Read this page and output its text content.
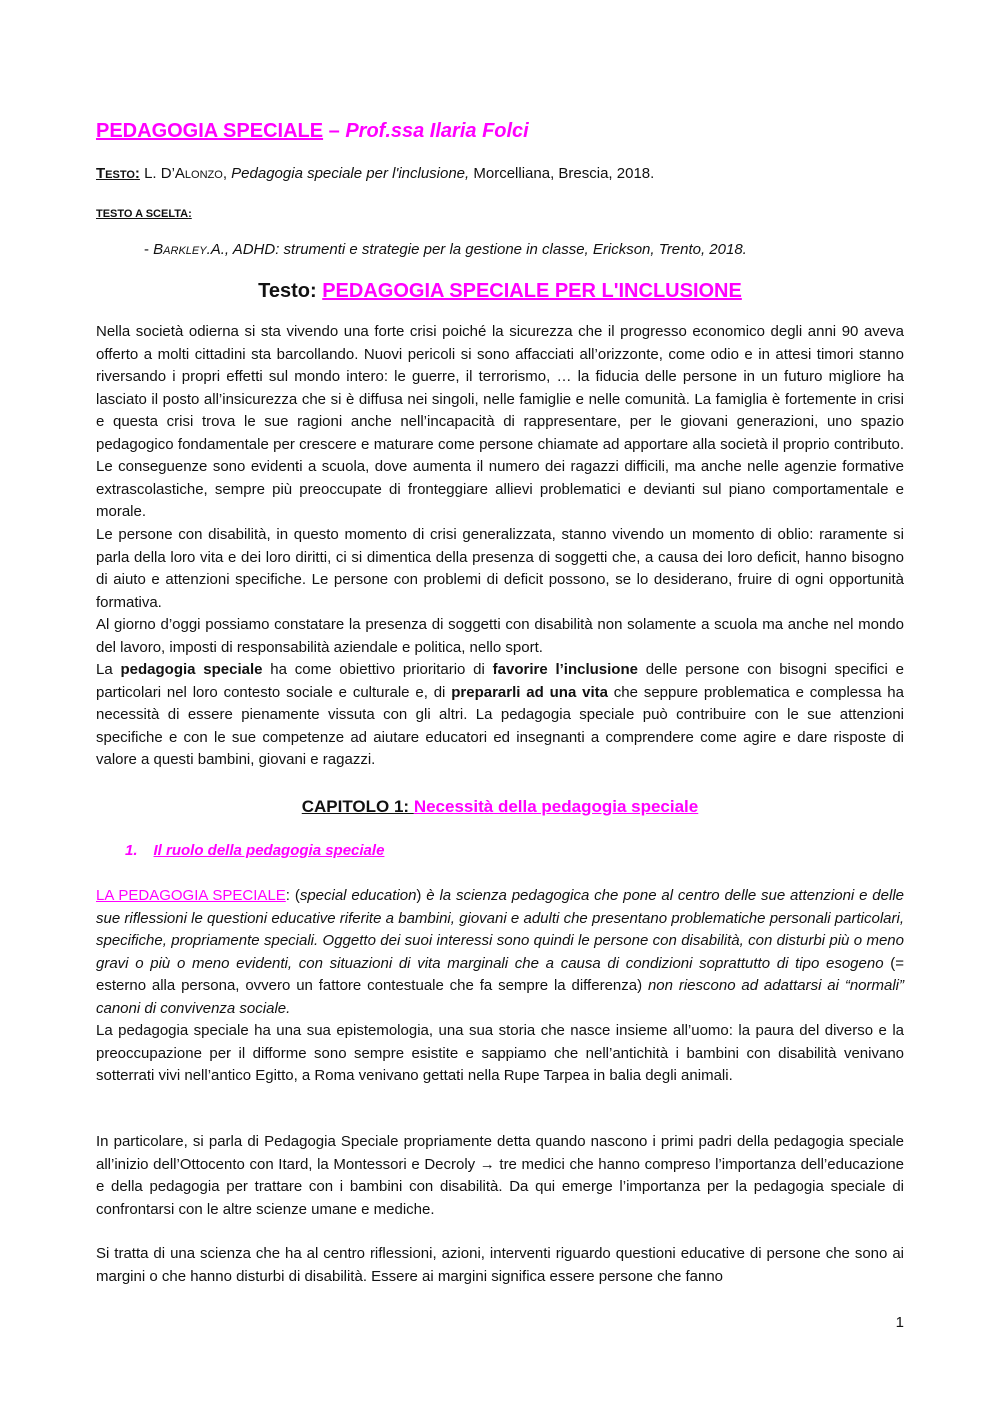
PEDAGOGIA SPECIALE – Prof.ssa Ilaria Folci
Testo: L. D’Alonzo, Pedagogia speciale per l'inclusione, Morcelliana, Brescia, 2018.
TESTO A SCELTA:
- Barkley.A., ADHD: strumenti e strategie per la gestione in classe, Erickson, Trento, 2018.
Testo: PEDAGOGIA SPECIALE PER L'INCLUSIONE

Nella società odierna si sta vivendo una forte crisi poiché la sicurezza che il progresso economico degli anni 90 aveva offerto a molti cittadini sta barcollando. Nuovi pericoli si sono affacciati all’orizzonte, come odio e in attesi timori stanno riversando i propri effetti sul mondo intero: le guerre, il terrorismo, … la fiducia delle persone in un futuro migliore ha lasciato il posto all’insicurezza che si è diffusa nei singoli, nelle famiglie e nelle comunità. La famiglia è fortemente in crisi e questa crisi trova le sue ragioni anche nell’incapacità di rappresentare, per le giovani generazioni, uno spazio pedagogico fondamentale per crescere e maturare come persone chiamate ad apportare alla società il proprio contributo. Le conseguenze sono evidenti a scuola, dove aumenta il numero dei ragazzi difficili, ma anche nelle agenzie formative extrascolastiche, sempre più preoccupate di fronteggiare allievi problematici e devianti sul piano comportamentale e morale.

Le persone con disabilità, in questo momento di crisi generalizzata, stanno vivendo un momento di oblio: raramente si parla della loro vita e dei loro diritti, ci si dimentica della presenza di soggetti che, a causa dei loro deficit, hanno bisogno di aiuto e attenzioni specifiche. Le persone con problemi di deficit possono, se lo desiderano, fruire di ogni opportunità formativa.

Al giorno d’oggi possiamo constatare la presenza di soggetti con disabilità non solamente a scuola ma anche nel mondo del lavoro, imposti di responsabilità aziendale e politica, nello sport.

La pedagogia speciale ha come obiettivo prioritario di favorire l’inclusione delle persone con bisogni specifici e particolari nel loro contesto sociale e culturale e, di prepararli ad una vita che seppure problematica e complessa ha necessità di essere pienamente vissuta con gli altri. La pedagogia speciale può contribuire con le sue attenzioni specifiche e con le sue competenze ad aiutare educatori ed insegnanti a comprendere come agire e dare risposte di valore a questi bambini, giovani e ragazzi.

CAPITOLO 1: Necessità della pedagogia speciale
1. Il ruolo della pedagogia speciale

LA PEDAGOGIA SPECIALE: (special education) è la scienza pedagogica che pone al centro delle sue attenzioni e delle sue riflessioni le questioni educative riferite a bambini, giovani e adulti che presentano problematiche personali particolari, specifiche, propriamente speciali. Oggetto dei suoi interessi sono quindi le persone con disabilità, con disturbi più o meno gravi o più o meno evidenti, con situazioni di vita marginali che a causa di condizioni soprattutto di tipo esogeno (= esterno alla persona, ovvero un fattore contestuale che fa sempre la differenza) non riescono ad adattarsi ai “normali” canoni di convivenza sociale.

La pedagogia speciale ha una sua epistemologia, una sua storia che nasce insieme all’uomo: la paura del diverso e la preoccupazione per il difforme sono sempre esistite e sappiamo che nell’antichità i bambini con disabilità venivano sotterrati vivi nell’antico Egitto, a Roma venivano gettati nella Rupe Tarpea in balia degli animali.

In particolare, si parla di Pedagogia Speciale propriamente detta quando nascono i primi padri della pedagogia speciale all’inizio dell’Ottocento con Itard, la Montessori e Decroly → tre medici che hanno compreso l’importanza dell’educazione e della pedagogia per trattare con i bambini con disabilità. Da qui emerge l’importanza per la pedagogia speciale di confrontarsi con le altre scienze umane e mediche.

Si tratta di una scienza che ha al centro riflessioni, azioni, interventi riguardo questioni educative di persone che sono ai margini o che hanno disturbi di disabilità. Essere ai margini significa essere persone che fanno

1
